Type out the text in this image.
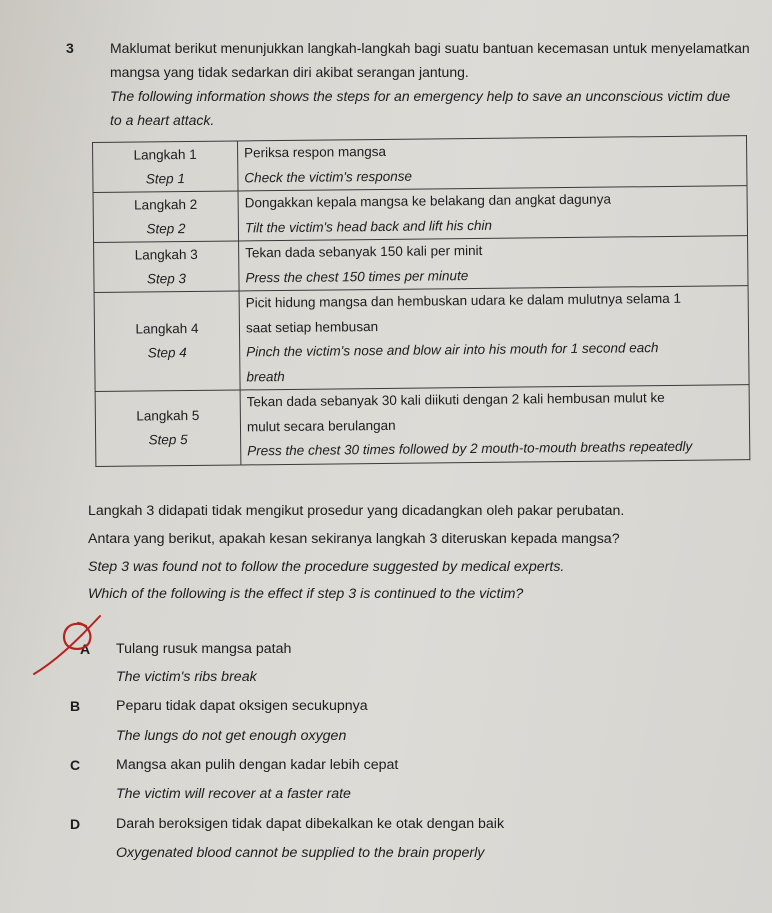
3	Maklumat berikut menunjukkan langkah-langkah bagi suatu bantuan kecemasan untuk menyelamatkan
mangsa yang tidak sedarkan diri akibat serangan jantung.
The following information shows the steps for an emergency help to save an unconscious victim due
to a heart attack.
Langkah 1
Step 1	Periksa respon mangsa
Check the victim's response

Langkah 2
Step 2	Dongakkan kepala mangsa ke belakang dan angkat dagunya
Tilt the victim's head back and lift his chin

Langkah 3
Step 3	Tekan dada sebanyak 150 kali per minit
Press the chest 150 times per minute

Langkah 4
Step 4	Picit hidung mangsa dan hembuskan udara ke dalam mulutnya selama 1
saat setiap hembusan
Pinch the victim's nose and blow air into his mouth for 1 second each
breath

Langkah 5
Step 5	Tekan dada sebanyak 30 kali diikuti dengan 2 kali hembusan mulut ke
mulut secara berulangan
Press the chest 30 times followed by 2 mouth-to-mouth breaths repeatedly
Langkah 3 didapati tidak mengikut prosedur yang dicadangkan oleh pakar perubatan.
Antara yang berikut, apakah kesan sekiranya langkah 3 diteruskan kepada mangsa?
Step 3 was found not to follow the procedure suggested by medical experts.
Which of the following is the effect if step 3 is continued to the victim?
A Tulang rusuk mangsa patah
The victim's ribs break
B	Peparu tidak dapat oksigen secukupnya
The lungs do not get enough oxygen
C	Mangsa akan pulih dengan kadar lebih cepat
The victim will recover at a faster rate
D	Darah beroksigen tidak dapat dibekalkan ke otak dengan baik
Oxygenated blood cannot be supplied to the brain properly
